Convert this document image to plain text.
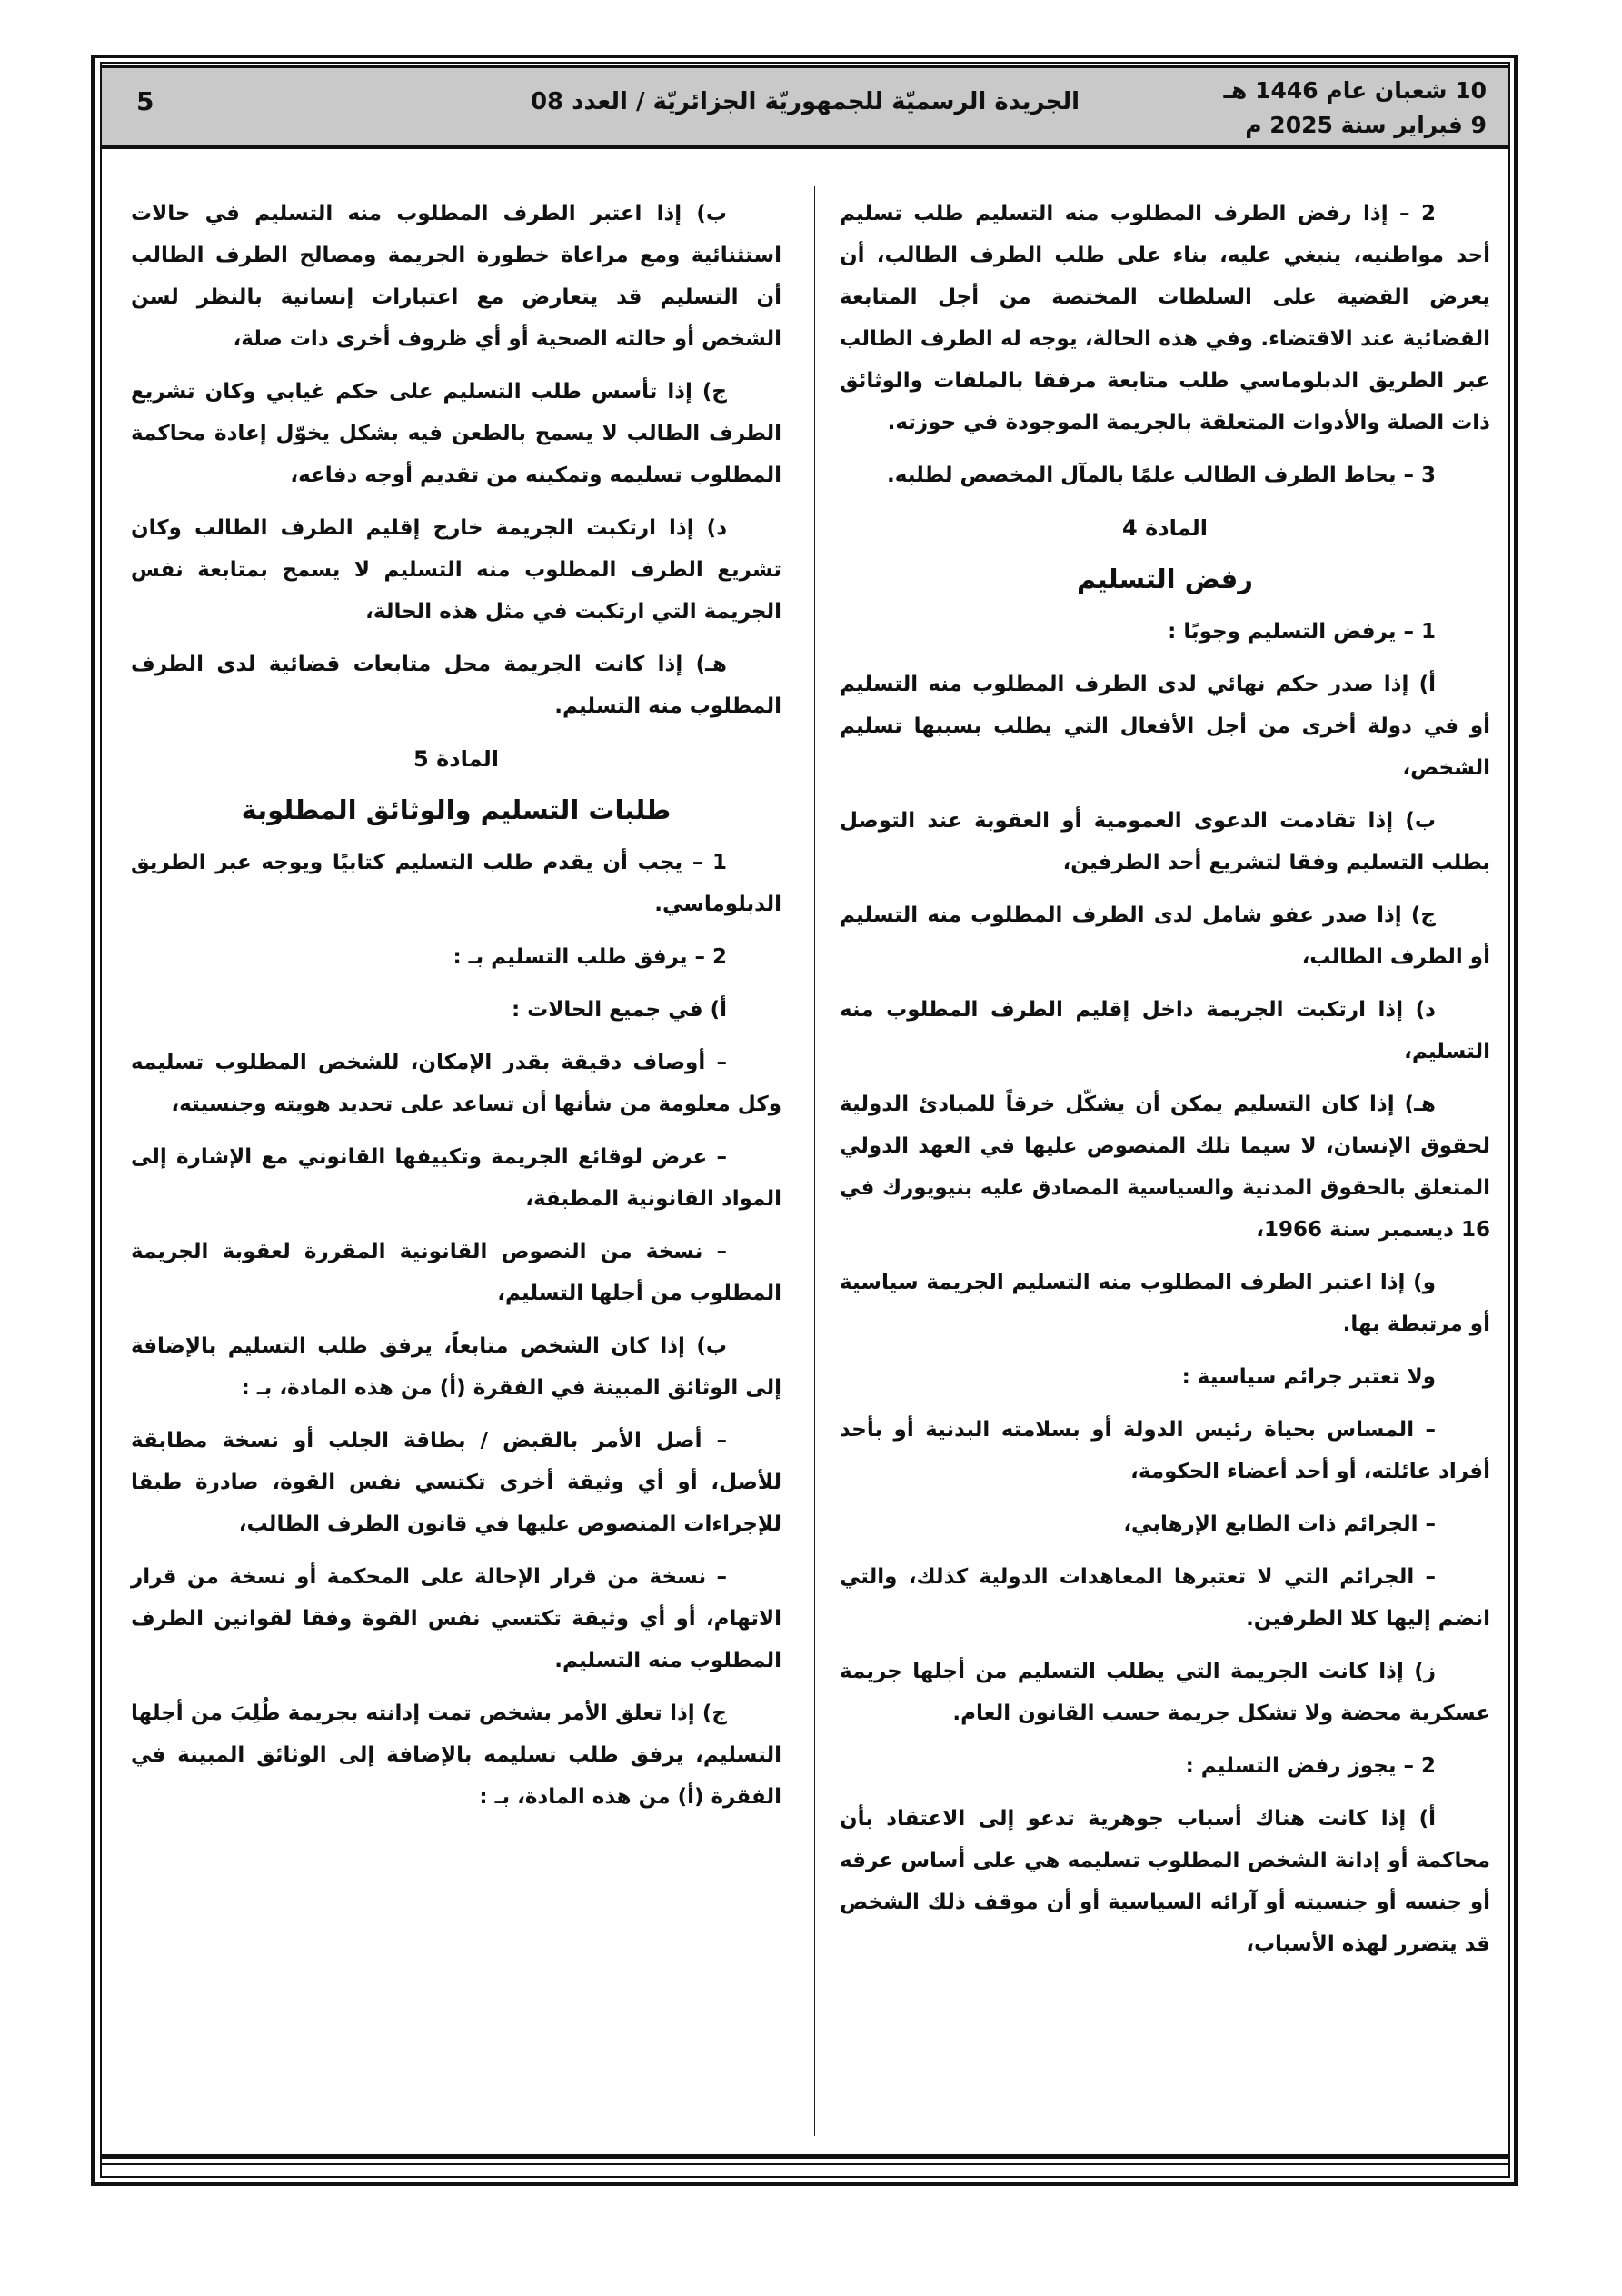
10 شعبان عام 1446 هـ
9 فبراير سنة 2025 م
الجريدة الرسميّة للجمهوريّة الجزائريّة / العدد 08
5

2 – إذا رفض الطرف المطلوب منه التسليم طلب تسليم أحد مواطنيه، ينبغي عليه، بناء على طلب الطرف الطالب، أن يعرض القضية على السلطات المختصة من أجل المتابعة القضائية عند الاقتضاء. وفي هذه الحالة، يوجه له الطرف الطالب عبر الطريق الدبلوماسي طلب متابعة مرفقا بالملفات والوثائق ذات الصلة والأدوات المتعلقة بالجريمة الموجودة في حوزته.

3 – يحاط الطرف الطالب علمًا بالمآل المخصص لطلبه.

المادة 4

رفض التسليم

1 – يرفض التسليم وجوبًا :

أ) إذا صدر حكم نهائي لدى الطرف المطلوب منه التسليم أو في دولة أخرى من أجل الأفعال التي يطلب بسببها تسليم الشخص،

ب) إذا تقادمت الدعوى العمومية أو العقوبة عند التوصل بطلب التسليم وفقا لتشريع أحد الطرفين،

ج) إذا صدر عفو شامل لدى الطرف المطلوب منه التسليم أو الطرف الطالب،

د) إذا ارتكبت الجريمة داخل إقليم الطرف المطلوب منه التسليم،

هـ) إذا كان التسليم يمكن أن يشكّل خرقاً للمبادئ الدولية لحقوق الإنسان، لا سيما تلك المنصوص عليها في العهد الدولي المتعلق بالحقوق المدنية والسياسية المصادق عليه بنيويورك في 16 ديسمبر سنة 1966،

و) إذا اعتبر الطرف المطلوب منه التسليم الجريمة سياسية أو مرتبطة بها.

ولا تعتبر جرائم سياسية :

– المساس بحياة رئيس الدولة أو بسلامته البدنية أو بأحد أفراد عائلته، أو أحد أعضاء الحكومة،

– الجرائم ذات الطابع الإرهابي،

– الجرائم التي لا تعتبرها المعاهدات الدولية كذلك، والتي انضم إليها كلا الطرفين.

ز) إذا كانت الجريمة التي يطلب التسليم من أجلها جريمة عسكرية محضة ولا تشكل جريمة حسب القانون العام.

2 – يجوز رفض التسليم :

أ) إذا كانت هناك أسباب جوهرية تدعو إلى الاعتقاد بأن محاكمة أو إدانة الشخص المطلوب تسليمه هي على أساس عرقه أو جنسه أو جنسيته أو آرائه السياسية أو أن موقف ذلك الشخص قد يتضرر لهذه الأسباب،

ب) إذا اعتبر الطرف المطلوب منه التسليم في حالات استثنائية ومع مراعاة خطورة الجريمة ومصالح الطرف الطالب أن التسليم قد يتعارض مع اعتبارات إنسانية بالنظر لسن الشخص أو حالته الصحية أو أي ظروف أخرى ذات صلة،

ج) إذا تأسس طلب التسليم على حكم غيابي وكان تشريع الطرف الطالب لا يسمح بالطعن فيه بشكل يخوّل إعادة محاكمة المطلوب تسليمه وتمكينه من تقديم أوجه دفاعه،

د) إذا ارتكبت الجريمة خارج إقليم الطرف الطالب وكان تشريع الطرف المطلوب منه التسليم لا يسمح بمتابعة نفس الجريمة التي ارتكبت في مثل هذه الحالة،

هـ) إذا كانت الجريمة محل متابعات قضائية لدى الطرف المطلوب منه التسليم.

المادة 5

طلبات التسليم والوثائق المطلوبة

1 – يجب أن يقدم طلب التسليم كتابيًا ويوجه عبر الطريق الدبلوماسي.

2 – يرفق طلب التسليم بـ :

أ) في جميع الحالات :

– أوصاف دقيقة بقدر الإمكان، للشخص المطلوب تسليمه وكل معلومة من شأنها أن تساعد على تحديد هويته وجنسيته،

– عرض لوقائع الجريمة وتكييفها القانوني مع الإشارة إلى المواد القانونية المطبقة،

– نسخة من النصوص القانونية المقررة لعقوبة الجريمة المطلوب من أجلها التسليم،

ب) إذا كان الشخص متابعاً، يرفق طلب التسليم بالإضافة إلى الوثائق المبينة في الفقرة (أ) من هذه المادة، بـ :

– أصل الأمر بالقبض / بطاقة الجلب أو نسخة مطابقة للأصل، أو أي وثيقة أخرى تكتسي نفس القوة، صادرة طبقا للإجراءات المنصوص عليها في قانون الطرف الطالب،

– نسخة من قرار الإحالة على المحكمة أو نسخة من قرار الاتهام، أو أي وثيقة تكتسي نفس القوة وفقا لقوانين الطرف المطلوب منه التسليم.

ج) إذا تعلق الأمر بشخص تمت إدانته بجريمة طُلِبَ من أجلها التسليم، يرفق طلب تسليمه بالإضافة إلى الوثائق المبينة في الفقرة (أ) من هذه المادة، بـ :
